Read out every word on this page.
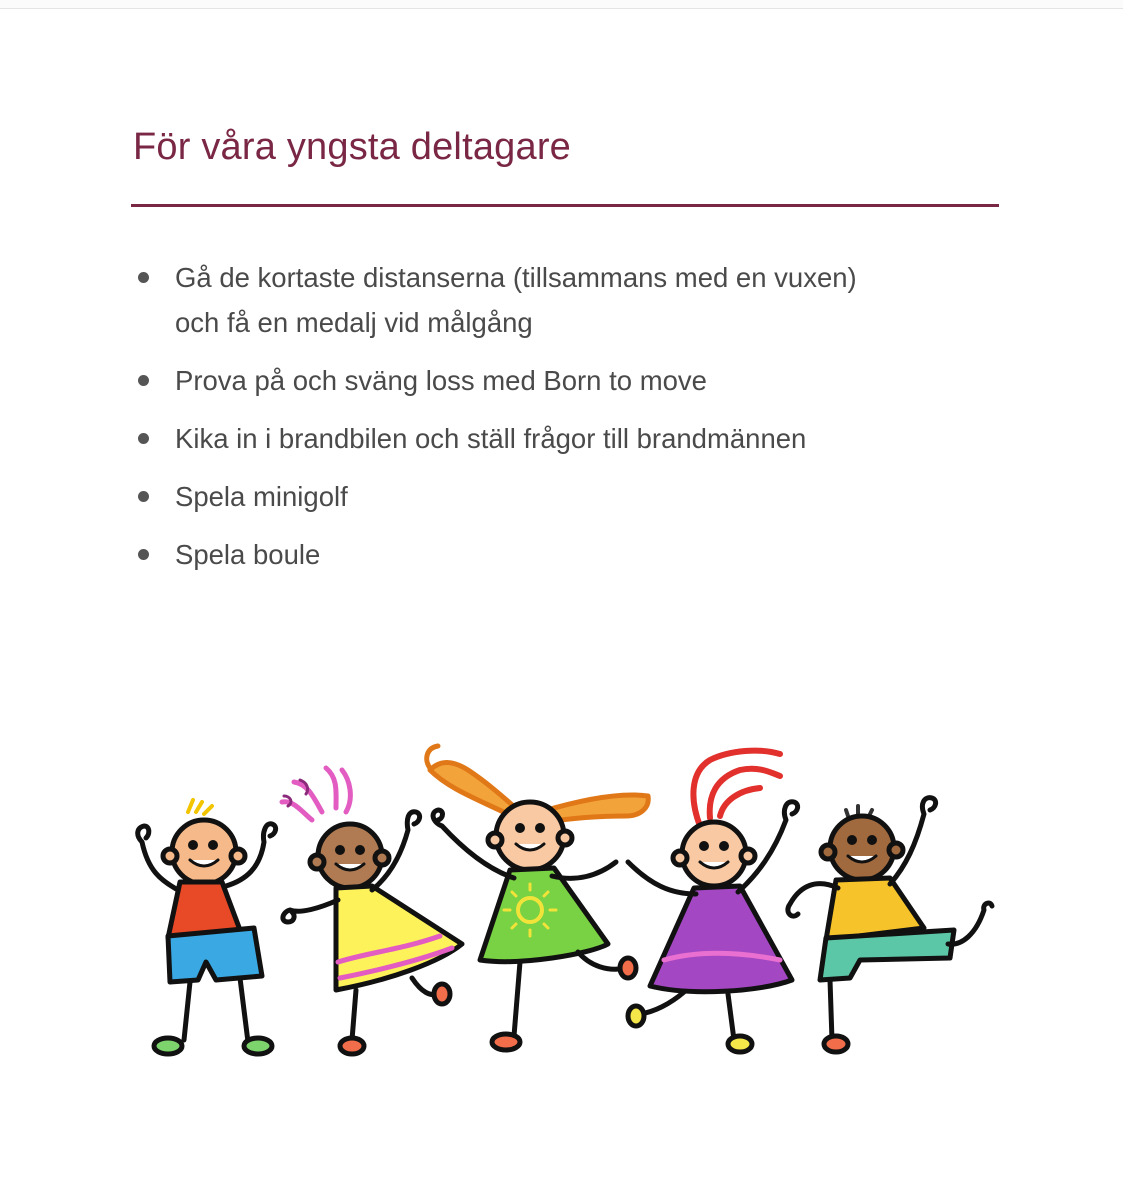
För våra yngsta deltagare
Gå de kortaste distanserna (tillsammans med en vuxen)
och få en medalj vid målgång
Prova på och sväng loss med Born to move
Kika in i brandbilen och ställ frågor till brandmännen
Spela minigolf
Spela boule
